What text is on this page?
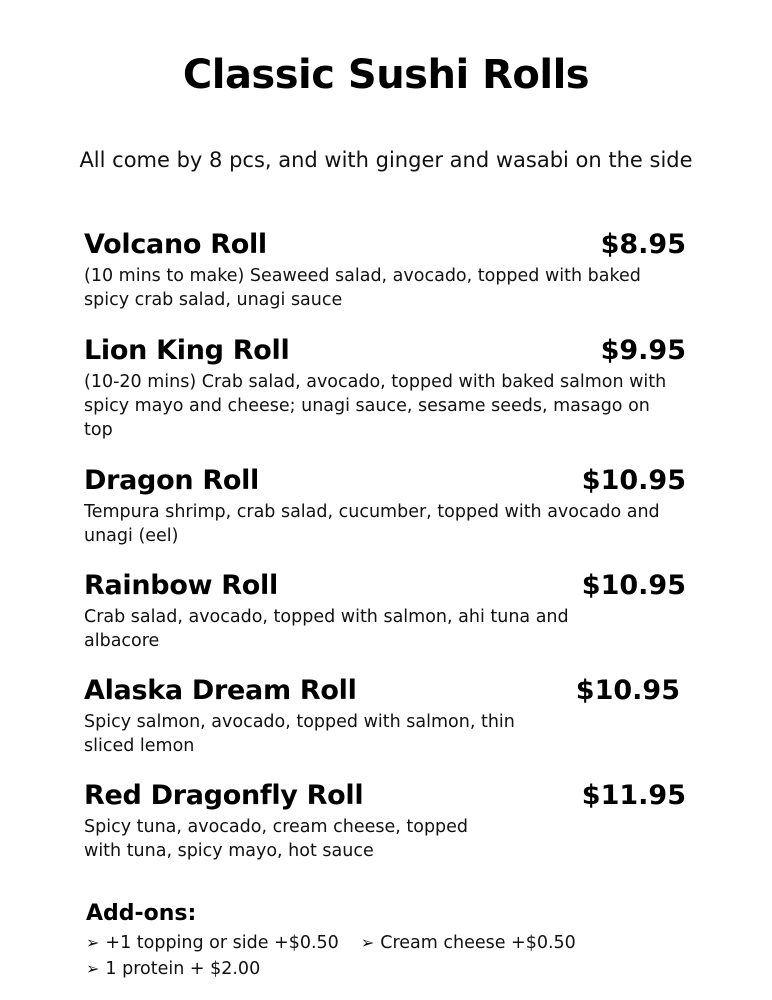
Classic Sushi Rolls

All come by 8 pcs, and with ginger and wasabi on the side

Volcano Roll	$8.95

(10 mins to make) Seaweed salad, avocado, topped with baked spicy crab salad, unagi sauce

Lion King Roll	$9.95

(10-20 mins) Crab salad, avocado, topped with baked salmon with spicy mayo and cheese; unagi sauce, sesame seeds, masago on top

Dragon Roll	$10.95

Tempura shrimp, crab salad, cucumber, topped with avocado and unagi (eel)

Rainbow Roll	$10.95

Crab salad, avocado, topped with salmon, ahi tuna and albacore

Alaska Dream Roll	$10.95

Spicy salmon, avocado, topped with salmon, thin sliced lemon

Red Dragonfly Roll	$11.95

Spicy tuna, avocado, cream cheese, topped with tuna, spicy mayo, hot sauce

Add-ons:
➢ +1 topping or side +$0.50 ➢ Cream cheese +$0.50
➢ 1 protein + $2.00
